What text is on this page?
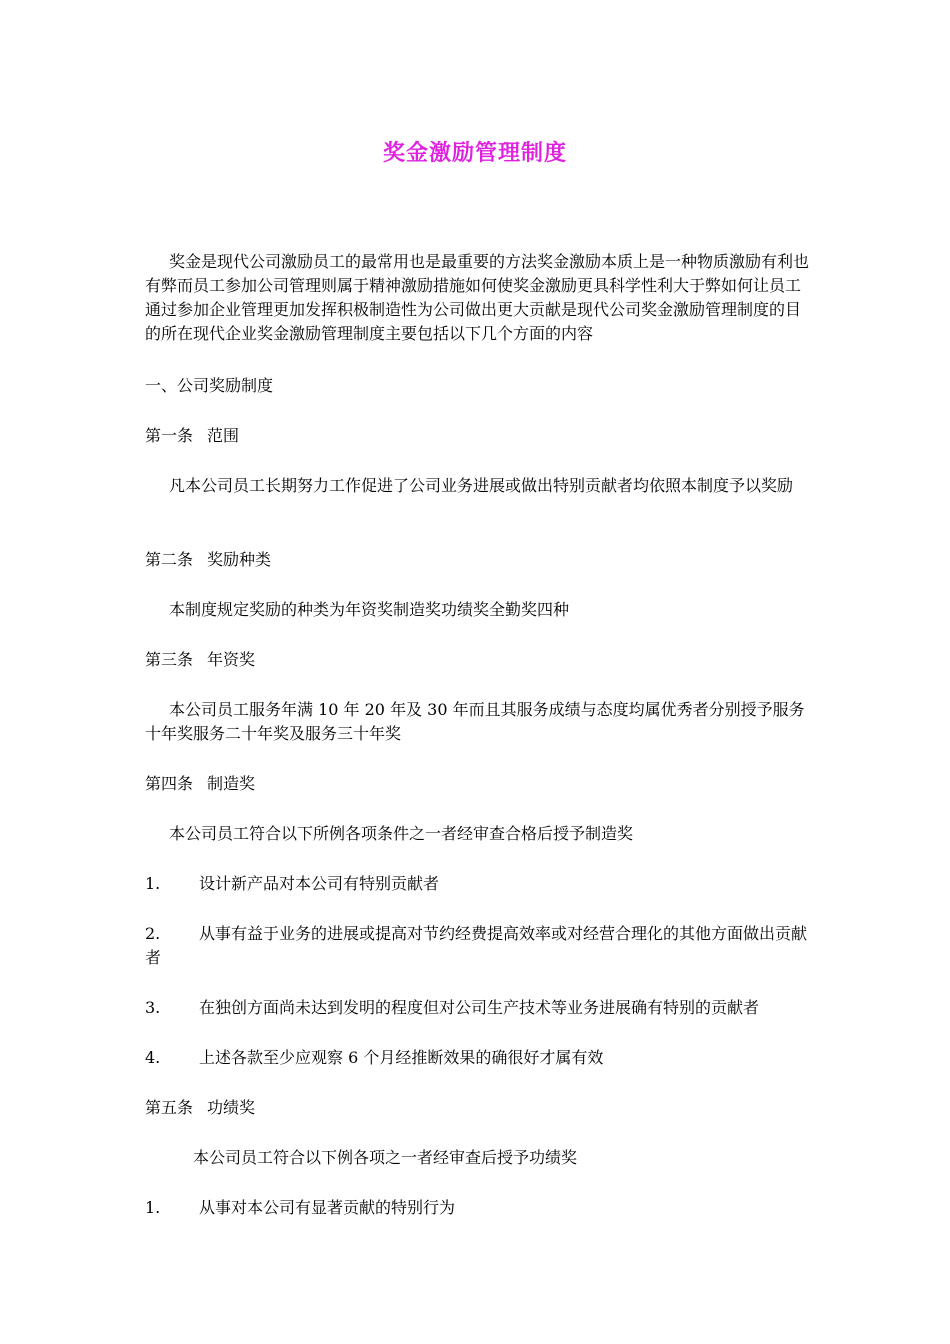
奖金激励管理制度
奖金是现代公司激励员工的最常用也是最重要的方法奖金激励本质上是一种物质激励有利也有弊而员工参加公司管理则属于精神激励措施如何使奖金激励更具科学性利大于弊如何让员工通过参加企业管理更加发挥积极制造性为公司做出更大贡献是现代公司奖金激励管理制度的目的所在现代企业奖金激励管理制度主要包括以下几个方面的内容
一、公司奖励制度
第一条 范围
凡本公司员工长期努力工作促进了公司业务进展或做出特别贡献者均依照本制度予以奖励
第二条 奖励种类
本制度规定奖励的种类为年资奖制造奖功绩奖全勤奖四种
第三条 年资奖
本公司员工服务年满 10 年 20 年及 30 年而且其服务成绩与态度均属优秀者分别授予服务十年奖服务二十年奖及服务三十年奖
第四条 制造奖
本公司员工符合以下所例各项条件之一者经审查合格后授予制造奖
1. 设计新产品对本公司有特别贡献者
2. 从事有益于业务的进展或提高对节约经费提高效率或对经营合理化的其他方面做出贡献者
3. 在独创方面尚未达到发明的程度但对公司生产技术等业务进展确有特别的贡献者
4. 上述各款至少应观察 6 个月经推断效果的确很好才属有效
第五条 功绩奖
本公司员工符合以下例各项之一者经审查后授予功绩奖
1. 从事对本公司有显著贡献的特别行为
